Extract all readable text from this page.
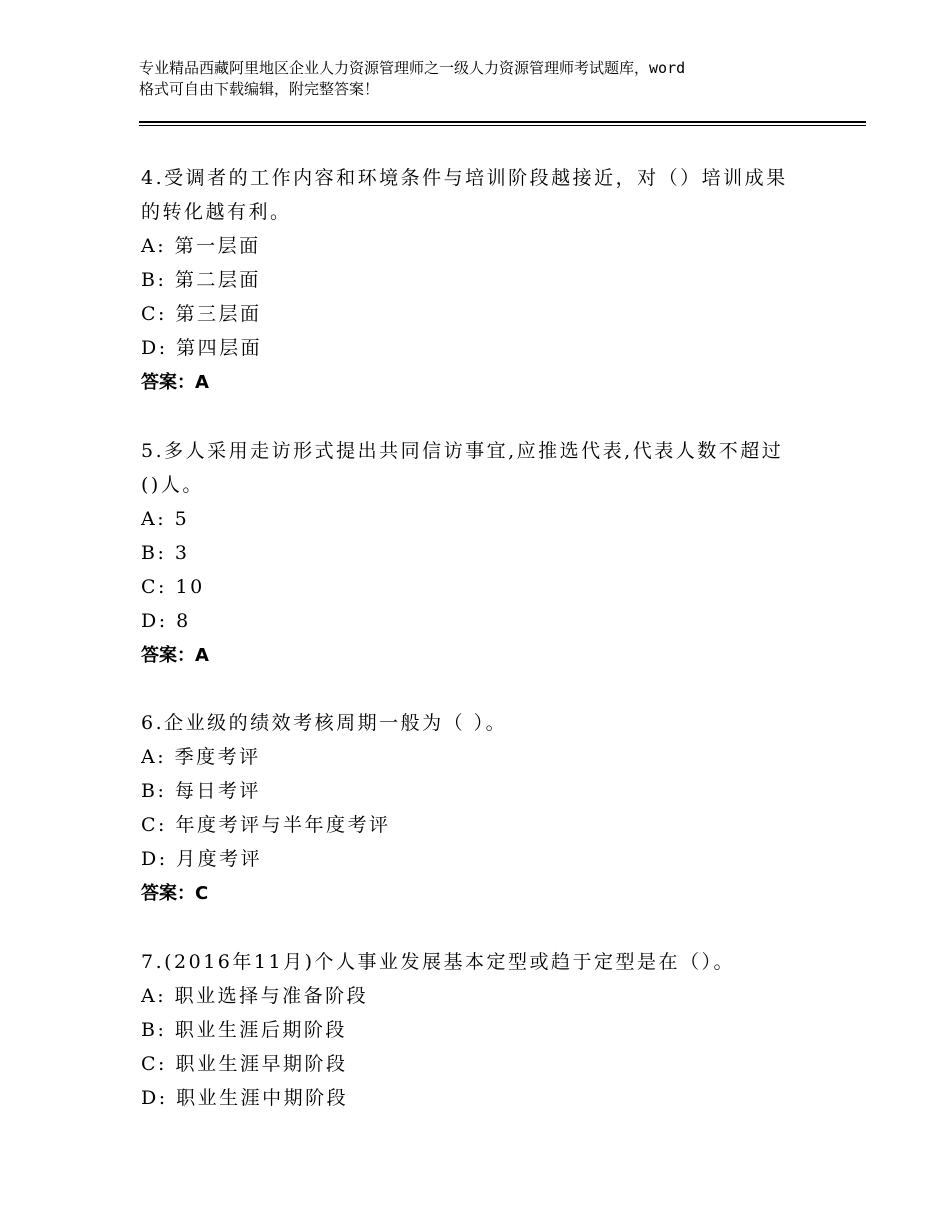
专业精品西藏阿里地区企业人力资源管理师之一级人力资源管理师考试题库，word
格式可自由下载编辑，附完整答案！
4.受调者的工作内容和环境条件与培训阶段越接近，对（）培训成果
的转化越有利。
A: 第一层面
B: 第二层面
C: 第三层面
D: 第四层面
答案：A
5.多人采用走访形式提出共同信访事宜,应推选代表,代表人数不超过
()人。
A: 5
B: 3
C: 10
D: 8
答案：A
6.企业级的绩效考核周期一般为（ ）。
A: 季度考评
B: 每日考评
C: 年度考评与半年度考评
D: 月度考评
答案：C
7.(2016年11月)个人事业发展基本定型或趋于定型是在（）。
A: 职业选择与准备阶段
B: 职业生涯后期阶段
C: 职业生涯早期阶段
D: 职业生涯中期阶段
